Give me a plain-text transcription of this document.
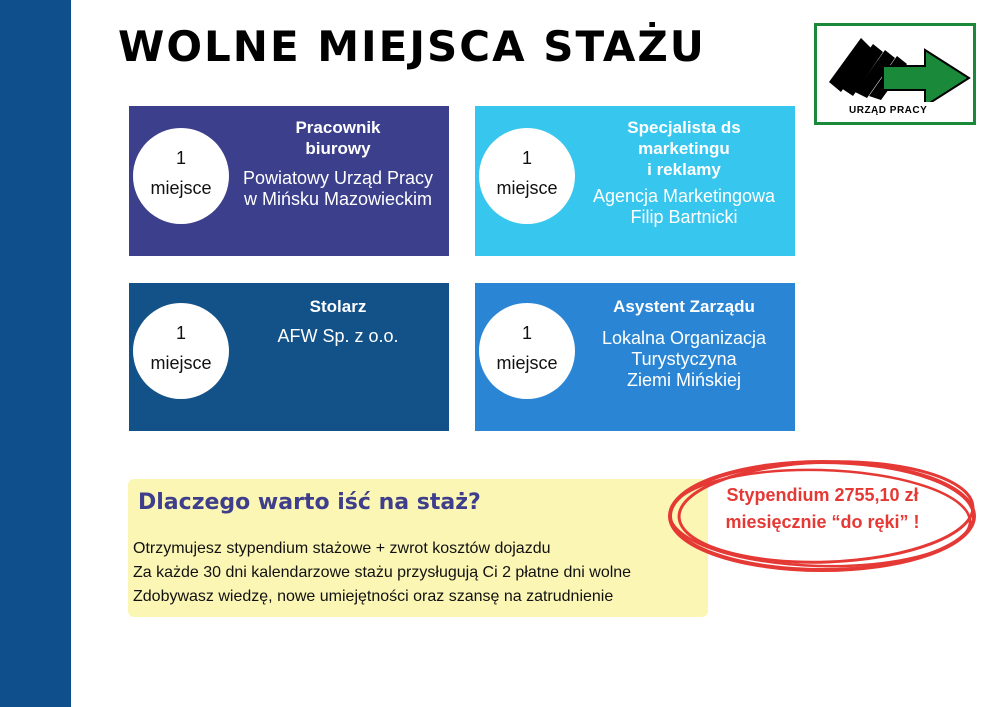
WOLNE MIEJSCA STAŻU
URZĄD PRACY
1
miejsce
Pracownik
biurowy
Powiatowy Urząd Pracy
w Mińsku Mazowieckim
1
miejsce
Specjalista ds
marketingu
i reklamy
Agencja Marketingowa
Filip Bartnicki
1
miejsce
Stolarz
AFW Sp. z o.o.	1
miejsce
Asystent Zarządu
Lokalna Organizacja
Turystyczyna
Ziemi Mińskiej
Dlaczego warto iść na staż?
Otrzymujesz stypendium stażowe + zwrot kosztów dojazdu
Za każde 30 dni kalendarzowe stażu przysługują Ci 2 płatne dni wolne
Zdobywasz wiedzę, nowe umiejętności oraz szansę na zatrudnienie
Stypendium 2755,10 zł
miesięcznie “do ręki” !
